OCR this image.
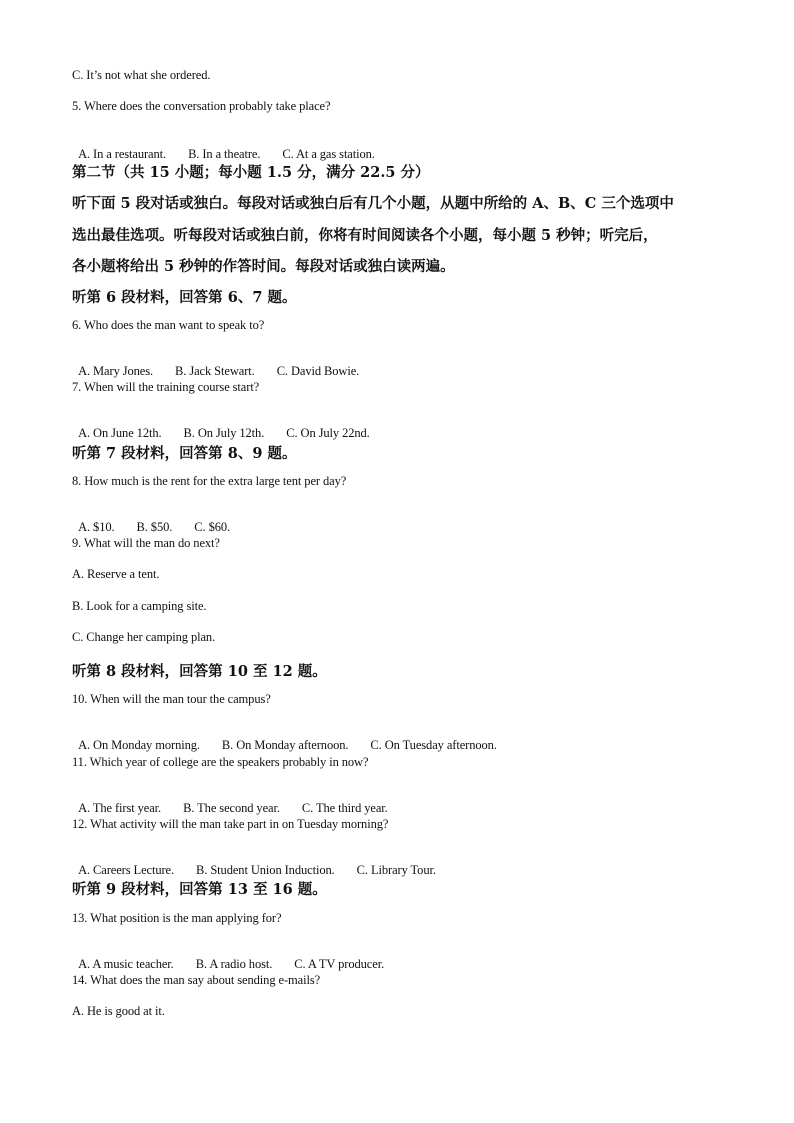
C. It’s not what she ordered.
5. Where does the conversation probably take place?

A. In a restaurant. B. In a theatre. C. At a gas station.

第二节（共 15 小题；每小题 1.5 分，满分 22.5 分）
听下面 5 段对话或独白。每段对话或独白后有几个小题，从题中所给的 A、B、C 三个选项中
选出最佳选项。听每段对话或独白前，你将有时间阅读各个小题，每小题 5 秒钟；听完后，
各小题将给出 5 秒钟的作答时间。每段对话或独白读两遍。
听第 6 段材料，回答第 6、7 题。
6. Who does the man want to speak to?

A. Mary Jones. B. Jack Stewart. C. David Bowie.

7. When will the training course start?

A. On June 12th. B. On July 12th. C. On July 22nd.

听第 7 段材料，回答第 8、9 题。
8. How much is the rent for the extra large tent per day?

A. $10. B. $50. C. $60.

9. What will the man do next?
A. Reserve a tent.
B. Look for a camping site.
C. Change her camping plan.
听第 8 段材料，回答第 10 至 12 题。
10. When will the man tour the campus?

A. On Monday morning. B. On Monday afternoon. C. On Tuesday afternoon.

11. Which year of college are the speakers probably in now?

A. The first year. B. The second year. C. The third year.

12. What activity will the man take part in on Tuesday morning?

A. Careers Lecture. B. Student Union Induction. C. Library Tour.

听第 9 段材料，回答第 13 至 16 题。
13. What position is the man applying for?

A. A music teacher. B. A radio host. C. A TV producer.

14. What does the man say about sending e-mails?
A. He is good at it.
